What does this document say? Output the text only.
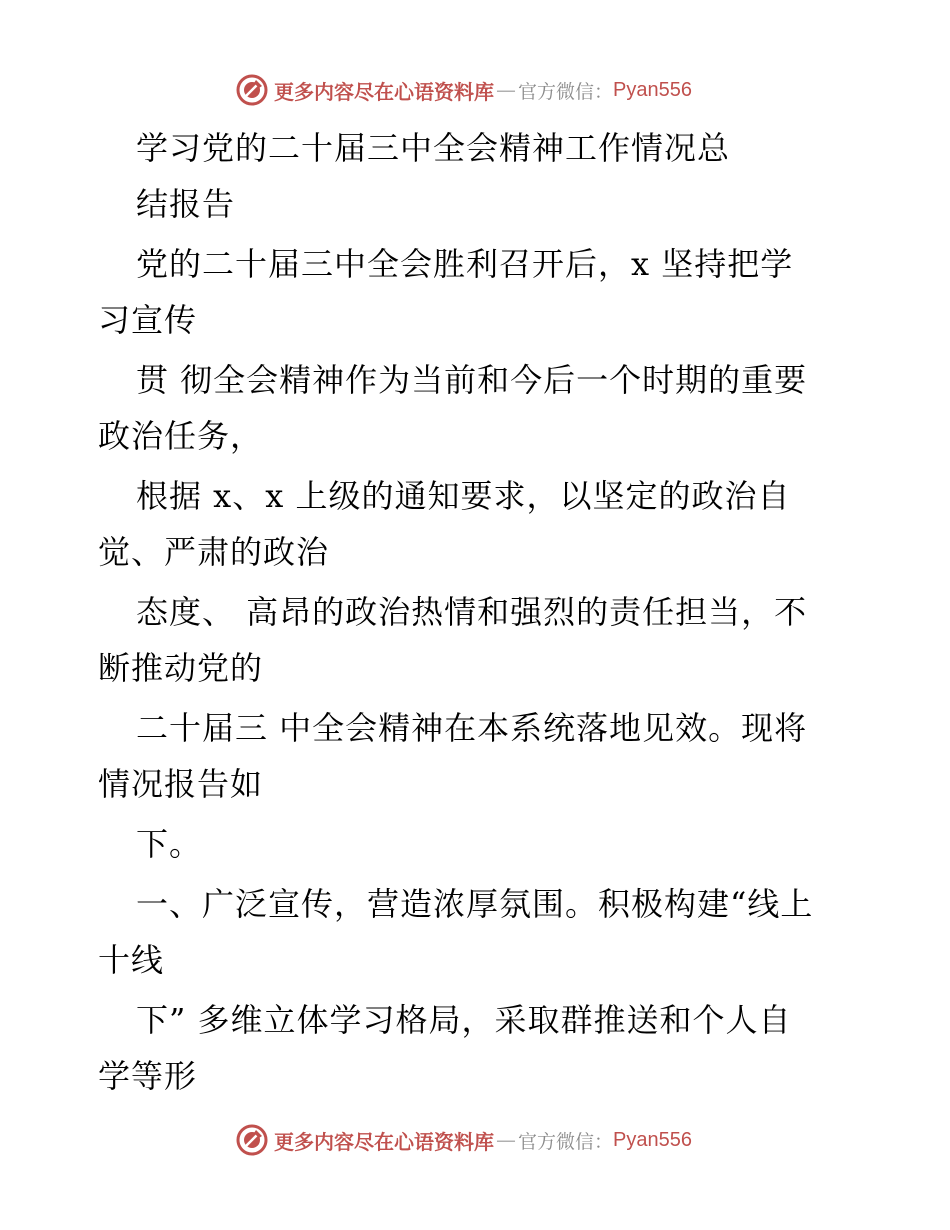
更多内容尽在心语资料库 — 官方微信： Pyan556
学习党的二十届三中全会精神工作情况总
结报告
党的二十届三中全会胜利召开后，x 坚持把学
习宣传
贯 彻全会精神作为当前和今后一个时期的重要
政治任务，
根据 x、x 上级的通知要求，以坚定的政治自
觉、严肃的政治
态度、 高昂的政治热情和强烈的责任担当，不
断推动党的
二十届三 中全会精神在本系统落地见效。现将
情况报告如
下。
一、广泛宣传，营造浓厚氛围。积极构建“线上
十线
下” 多维立体学习格局，采取群推送和个人自
学等形
更多内容尽在心语资料库 — 官方微信： Pyan556
